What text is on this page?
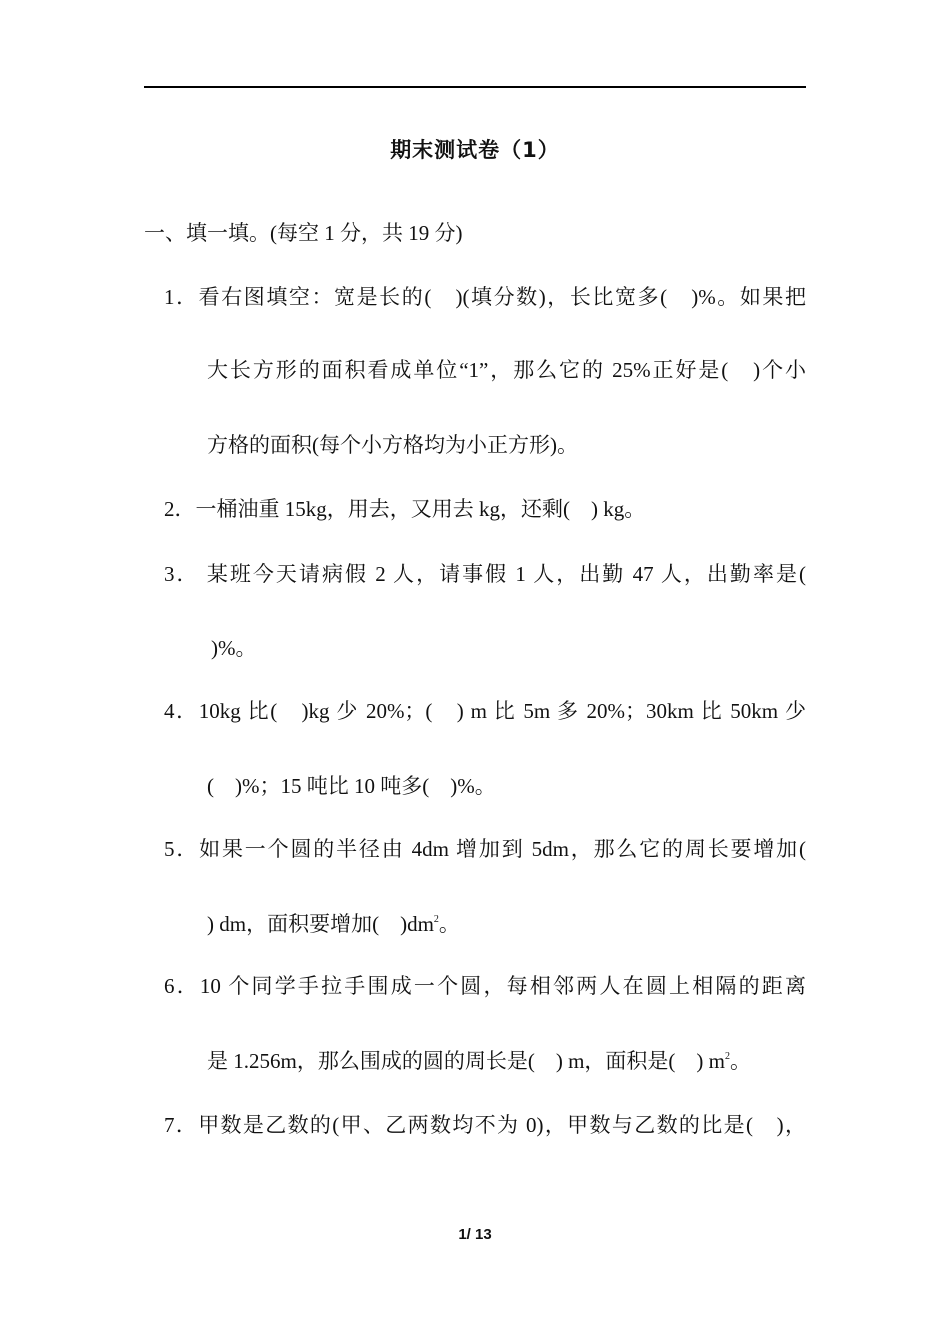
期末测试卷（1）
一、填一填。(每空 1 分，共 19 分)
1．看右图填空：宽是长的(　)(填分数)，长比宽多(　)%。如果把
大长方形的面积看成单位“1”，那么它的 25%正好是(　)个小
方格的面积(每个小方格均为小正方形)。
2．一桶油重 15kg，用去，又用去 kg，还剩(　) kg。
3． 某班今天请病假 2 人，请事假 1 人，出勤 47 人，出勤率是(
)%。
4．10kg 比(　)kg 少 20%；(　) m 比 5m 多 20%；30km 比 50km 少
(　)%；15 吨比 10 吨多(　)%。
5．如果一个圆的半径由 4dm 增加到 5dm，那么它的周长要增加(
) dm，面积要增加(　)$dm^2$。
6．10 个同学手拉手围成一个圆，每相邻两人在圆上相隔的距离
是 1.256m，那么围成的圆的周长是(　) m，面积是(　) $m^2$。
7．甲数是乙数的(甲、乙两数均不为 0)，甲数与乙数的比是(　)，
1/ 13
